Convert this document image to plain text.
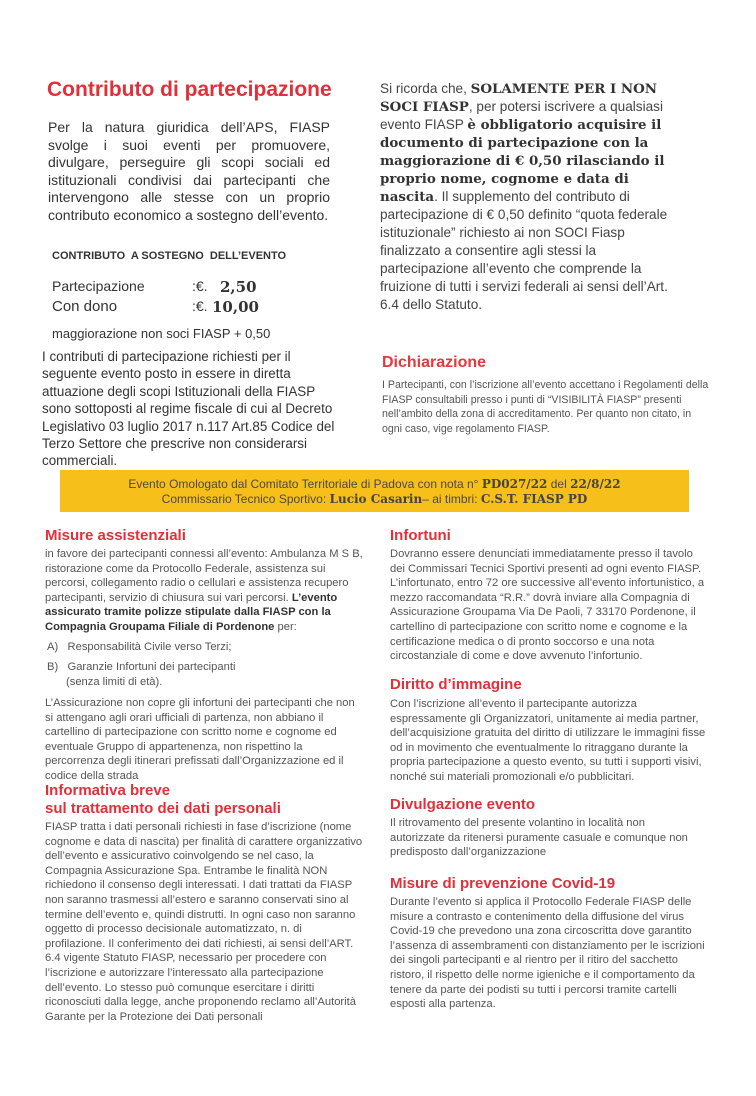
Contributo di partecipazione
Per la natura giuridica dell’APS, FIASP svolge i suoi eventi per promuovere, divulgare, perseguire gli scopi sociali ed istituzionali condivisi dai partecipanti che intervengono alle stesse con un proprio contributo economico a sostegno dell’evento.
CONTRIBUTO  A SOSTEGNO  DELL’EVENTO
Partecipazione	:€. 2,50
Con dono	:€. 10,00
maggiorazione non soci FIASP + 0,50
I contributi di partecipazione richiesti per il seguente evento posto in essere in diretta attuazione degli scopi Istituzionali della FIASP sono sottoposti al regime fiscale di cui al Decreto Legislativo 03 luglio 2017 n.117 Art.85 Codice del Terzo Settore che prescrive non considerarsi commerciali.
Si ricorda che, SOLAMENTE PER I NON SOCI FIASP, per potersi iscrivere a qualsiasi evento FIASP è obbligatorio acquisire il documento di partecipazione con la maggiorazione di € 0,50 rilasciando il proprio nome, cognome e data di nascita. Il supplemento del contributo di partecipazione di € 0,50 definito “quota federale istituzionale” richiesto ai non SOCI Fiasp finalizzato a consentire agli stessi la partecipazione all’evento che comprende la fruizione di tutti i servizi federali ai sensi dell’Art. 6.4 dello Statuto.
Dichiarazione
I Partecipanti, con l’iscrizione all’evento accettano i Regolamenti della FIASP consultabili presso i punti di “VISIBILITÀ FIASP” presenti nell’ambito della zona di accreditamento. Per quanto non citato, in ogni caso, vige regolamento FIASP.
Evento Omologato dal Comitato Territoriale di Padova con nota n° PD027/22 del 22/8/22
Commissario Tecnico Sportivo: Lucio Casarin– ai timbri: C.S.T. FIASP PD
Misure assistenziali
in favore dei partecipanti connessi all’evento: Ambulanza M S B, ristorazione come da Protocollo Federale, assistenza sui percorsi, collegamento radio o cellulari e assistenza recupero partecipanti, servizio di chiusura sui vari percorsi. L’evento assicurato tramite polizze stipulate dalla FIASP con la Compagnia Groupama Filiale di Pordenone per:
A)   Responsabilità Civile verso Terzi;
B)   Garanzie Infortuni dei partecipanti
(senza limiti di età).
L’Assicurazione non copre gli infortuni dei partecipanti che non si attengano agli orari ufficiali di partenza, non abbiano il cartellino di partecipazione con scritto nome e cognome ed eventuale Gruppo di appartenenza, non rispettino la percorrenza degli itinerari prefissati dall’Organizzazione ed il codice della strada
Informativa breve
sul trattamento dei dati personali
FIASP tratta i dati personali richiesti in fase d’iscrizione (nome cognome e data di nascita) per finalità di carattere organizzativo dell’evento e assicurativo coinvolgendo se nel caso, la Compagnia Assicurazione Spa. Entrambe le finalità NON richiedono il consenso degli interessati. I dati trattati da FIASP non saranno trasmessi all’estero e saranno conservati sino al termine dell’evento e, quindi distrutti. In ogni caso non saranno oggetto di processo decisionale automatizzato, n. di profilazione. Il conferimento dei dati richiesti, ai sensi dell’ART. 6.4 vigente Statuto FIASP, necessario per procedere con l’iscrizione e autorizzare l’interessato alla partecipazione dell’evento. Lo stesso può comunque esercitare i diritti riconosciuti dalla legge, anche proponendo reclamo all’Autorità Garante per la Protezione dei Dati personali
Infortuni
Dovranno essere denunciati immediatamente presso il tavolo dei Commissari Tecnici Sportivi presenti ad ogni evento FIASP. L’infortunato, entro 72 ore successive all’evento infortunistico, a mezzo raccomandata “R.R.” dovrà inviare alla Compagnia di Assicurazione Groupama Via De Paoli, 7 33170 Pordenone, il cartellino di partecipazione con scritto nome e cognome e la certificazione medica o di pronto soccorso e una nota circostanziale di come e dove avvenuto l’infortunio.
Diritto d’immagine
Con l’iscrizione all’evento il partecipante autorizza espressamente gli Organizzatori, unitamente ai media partner, dell’acquisizione gratuita del diritto di utilizzare le immagini fisse od in movimento che eventualmente lo ritraggano durante la propria partecipazione a questo evento, su tutti i supporti visivi, nonché sui materiali promozionali e/o pubblicitari.
Divulgazione evento
Il ritrovamento del presente volantino in località non autorizzate da ritenersi puramente casuale e comunque non predisposto dall’organizzazione
Misure di prevenzione Covid-19
Durante l’evento si applica il Protocollo Federale FIASP delle misure a contrasto e contenimento della diffusione del virus Covid-19 che prevedono una zona circoscritta dove garantito l’assenza di assembramenti con distanziamento per le iscrizioni dei singoli partecipanti e al rientro per il ritiro del sacchetto ristoro, il rispetto delle norme igieniche e il comportamento da tenere da parte dei podisti su tutti i percorsi tramite cartelli esposti alla partenza.
